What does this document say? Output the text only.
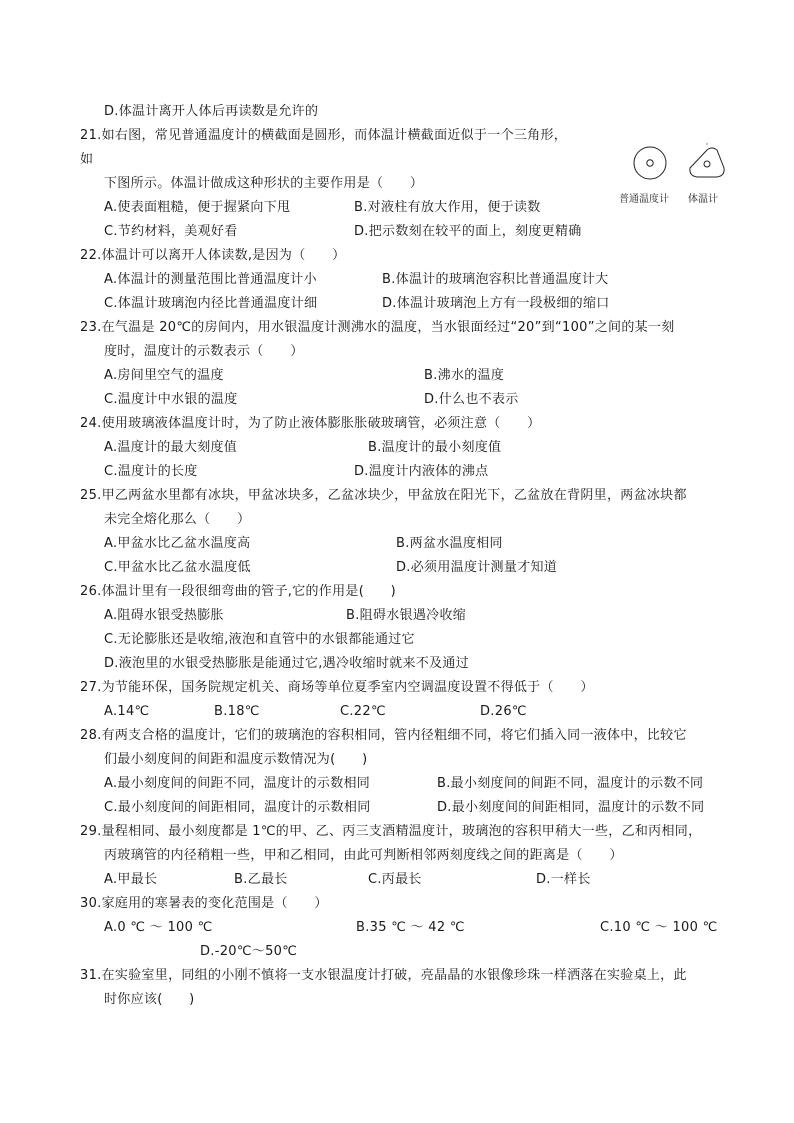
D.体温计离开人体后再读数是允许的
21.如右图，常见普通温度计的横截面是圆形，而体温计横截面近似于一个三角形，
如
下图所示。体温计做成这种形状的主要作用是（　　）
A.使表面粗糙，便于握紧向下甩	B.对液柱有放大作用，便于读数
C.节约材料，美观好看	D.把示数刻在较平的面上，刻度更精确
普通温度计 体温计
22.体温计可以离开人体读数,是因为（　　）
A.体温计的测量范围比普通温度计小	B.体温计的玻璃泡容积比普通温度计大
C.体温计玻璃泡内径比普通温度计细	D.体温计玻璃泡上方有一段极细的缩口
23.在气温是 20℃的房间内，用水银温度计测沸水的温度，当水银面经过“20”到“100”之间的某一刻
度时，温度计的示数表示（　　）
A.房间里空气的温度	B.沸水的温度
C.温度计中水银的温度	D.什么也不表示
24.使用玻璃液体温度计时，为了防止液体膨胀胀破玻璃管，必须注意（　　）
A.温度计的最大刻度值	B.温度计的最小刻度值
C.温度计的长度	D.温度计内液体的沸点
25.甲乙两盆水里都有冰块，甲盆冰块多，乙盆冰块少，甲盆放在阳光下，乙盆放在背阴里，两盆冰块都
未完全熔化那么（　　）
A.甲盆水比乙盆水温度高	B.两盆水温度相同
C.甲盆水比乙盆水温度低	D.必须用温度计测量才知道
26.体温计里有一段很细弯曲的管子,它的作用是(　　)
A.阻碍水银受热膨胀	B.阻碍水银遇冷收缩
C.无论膨胀还是收缩,液泡和直管中的水银都能通过它
D.液泡里的水银受热膨胀是能通过它,遇冷收缩时就来不及通过
27.为节能环保，国务院规定机关、商场等单位夏季室内空调温度设置不得低于（　　）
A.14℃	B.18℃	C.22℃	D.26℃
28.有两支合格的温度计，它们的玻璃泡的容积相同，管内径粗细不同，将它们插入同一液体中，比较它
们最小刻度间的间距和温度示数情况为(　　)
A.最小刻度间的间距不同，温度计的示数相同	B.最小刻度间的间距不同，温度计的示数不同
C.最小刻度间的间距相同，温度计的示数相同	D.最小刻度间的间距相同，温度计的示数不同
29.量程相同、最小刻度都是 1℃的甲、乙、丙三支酒精温度计，玻璃泡的容积甲稍大一些，乙和丙相同，
丙玻璃管的内径稍粗一些，甲和乙相同，由此可判断相邻两刻度线之间的距离是（　　）
A.甲最长	B.乙最长	C.丙最长	D.一样长
30.家庭用的寒暑表的变化范围是（　　）
A.0 ℃ ～ 100 ℃	B.35 ℃ ～ 42 ℃	C.10 ℃ ～ 100 ℃
D.-20℃～50℃
31.在实验室里，同组的小刚不慎将一支水银温度计打破，亮晶晶的水银像珍珠一样洒落在实验桌上，此
时你应该(　　)
